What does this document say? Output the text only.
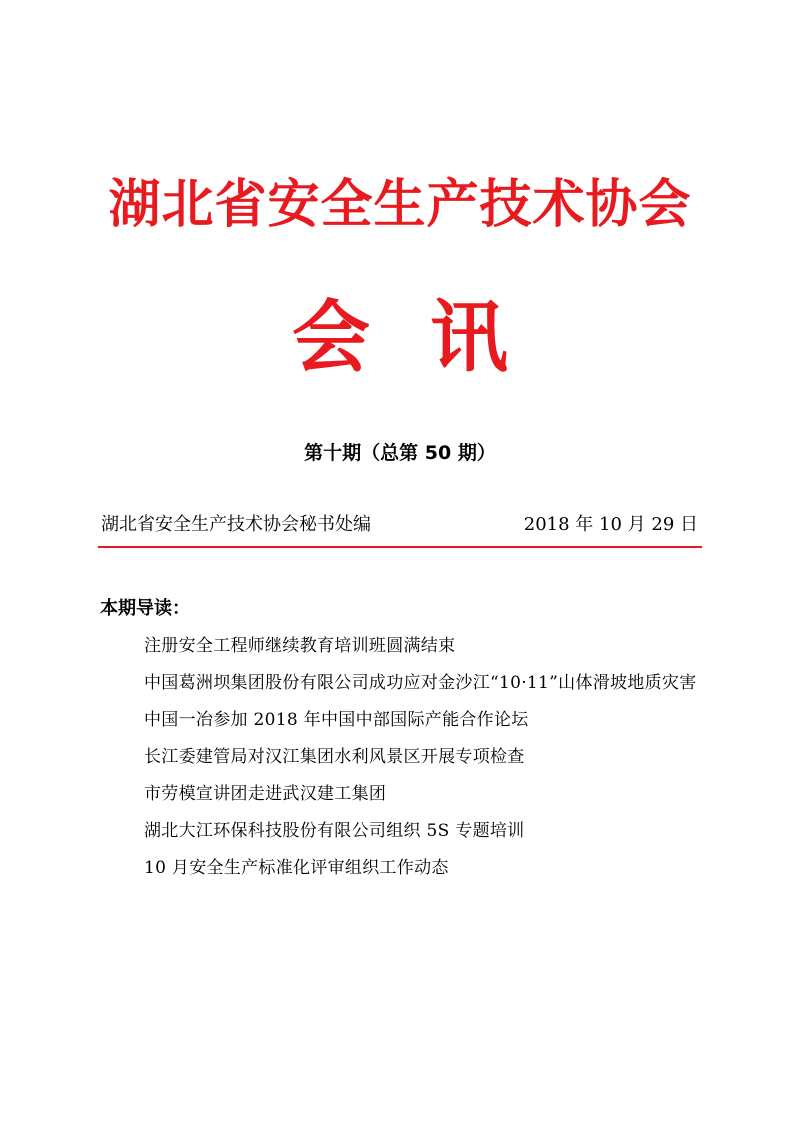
湖北省安全生产技术协会
会讯
第十期（总第 50 期）
湖北省安全生产技术协会秘书处编	2018 年 10 月 29 日
本期导读：
注册安全工程师继续教育培训班圆满结束
中国葛洲坝集团股份有限公司成功应对金沙江“10·11”山体滑坡地质灾害
中国一冶参加 2018 年中国中部国际产能合作论坛
长江委建管局对汉江集团水利风景区开展专项检查
市劳模宣讲团走进武汉建工集团
湖北大江环保科技股份有限公司组织 5S 专题培训
10 月安全生产标准化评审组织工作动态
